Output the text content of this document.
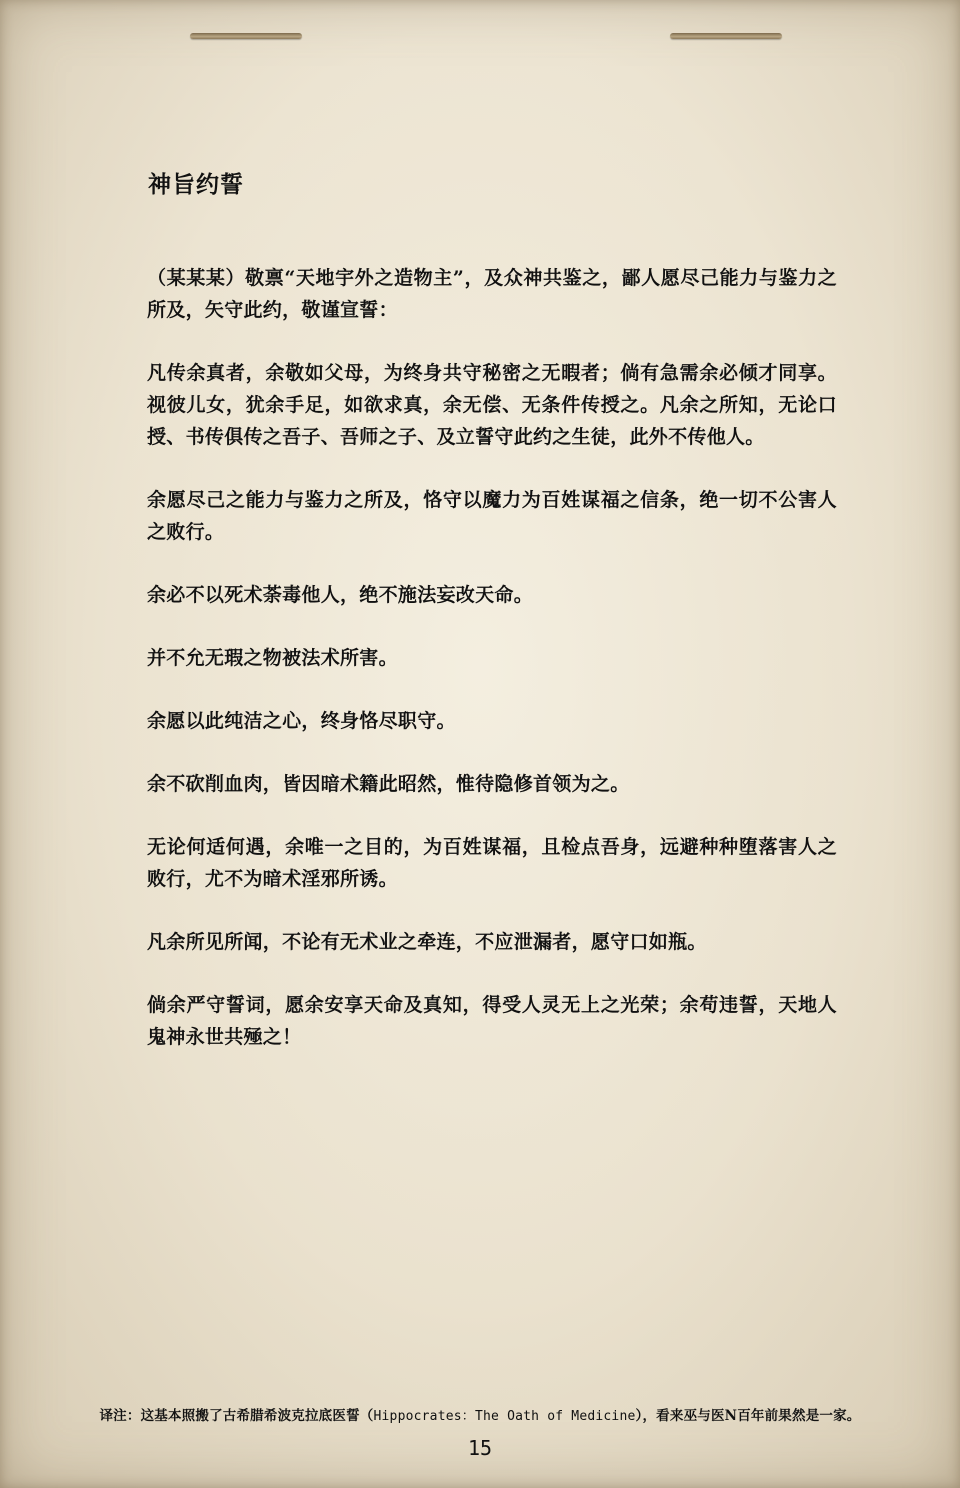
神旨约誓

（某某某）敬禀“天地宇外之造物主”，及众神共鉴之，鄙人愿尽己能力与鉴力之所及，矢守此约，敬谨宣誓：

凡传余真者，余敬如父母，为终身共守秘密之无暇者；倘有急需余必倾才同享。视彼儿女，犹余手足，如欲求真，余无偿、无条件传授之。凡余之所知，无论口授、书传俱传之吾子、吾师之子、及立誓守此约之生徒，此外不传他人。

余愿尽己之能力与鉴力之所及，恪守以魔力为百姓谋福之信条，绝一切不公害人之败行。

余必不以死术荼毒他人，绝不施法妄改天命。

并不允无瑕之物被法术所害。

余愿以此纯洁之心，终身恪尽职守。

余不砍削血肉，皆因暗术籍此昭然，惟待隐修首领为之。

无论何适何遇，余唯一之目的，为百姓谋福，且检点吾身，远避种种堕落害人之败行，尤不为暗术淫邪所诱。

凡余所见所闻，不论有无术业之牵连，不应泄漏者，愿守口如瓶。

倘余严守誓词，愿余安享天命及真知，得受人灵无上之光荣；余苟违誓，天地人鬼神永世共殛之！

译注：这基本照搬了古希腊希波克拉底医誓（Hippocrates：The Oath of Medicine），看来巫与医N百年前果然是一家。
15
